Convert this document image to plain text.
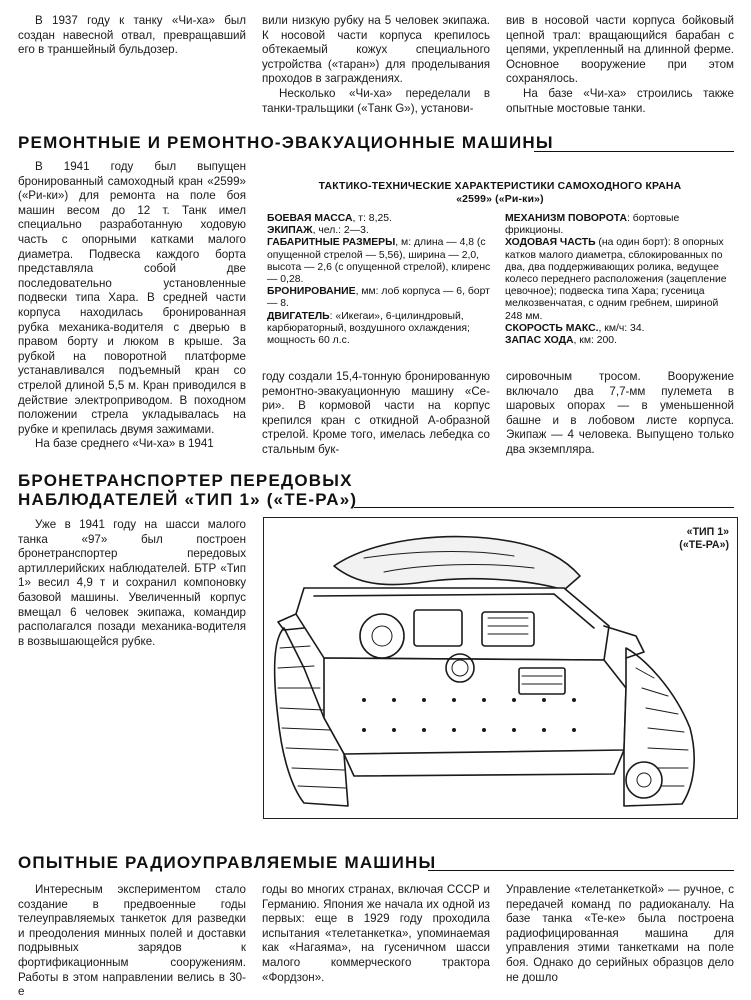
В 1937 году к танку «Чи-ха» был создан навесной отвал, превращавший его в траншейный бульдозер.

вили низкую рубку на 5 человек экипажа. К носовой части корпуса крепилось обтекаемый кожух специального устройства («таран») для проделывания проходов в заграждениях.

Несколько «Чи-ха» переделали в танки-тральщики («Танк G»), установи-

вив в носовой части корпуса бойковый цепной трал: вращающийся барабан с цепями, укрепленный на длинной ферме. Основное вооружение при этом сохранялось.

На базе «Чи-ха» строились также опытные мостовые танки.

РЕМОНТНЫЕ И РЕМОНТНО-ЭВАКУАЦИОННЫЕ МАШИНЫ

В 1941 году был выпущен бронированный самоходный кран «2599» («Ри-ки») для ремонта на поле боя машин весом до 12 т. Танк имел специально разработанную ходовую часть с опорными катками малого диаметра. Подвеска каждого борта представляла собой две последовательно установленные подвески типа Хара. В средней части корпуса находилась бронированная рубка механика-водителя с дверью в правом борту и люком в крыше. За рубкой на поворотной платформе устанавливался подъемный кран со стрелой длиной 5,5 м. Кран приводился в действие электроприводом. В походном положении стрела укладывалась на рубке и крепилась двумя зажимами.

На базе среднего «Чи-ха» в 1941

ТАКТИКО-ТЕХНИЧЕСКИЕ ХАРАКТЕРИСТИКИ САМОХОДНОГО КРАНА
«2599» («Ри-ки»)

БОЕВАЯ МАССА, т: 8,25.

ЭКИПАЖ, чел.: 2—3.

ГАБАРИТНЫЕ РАЗМЕРЫ, м: длина — 4,8 (с опущенной стрелой — 5,56), ширина — 2,0, высота — 2,6 (с опущенной стрелой), клиренс — 0,28.

БРОНИРОВАНИЕ, мм: лоб корпуса — 6, борт — 8.

ДВИГАТЕЛЬ: «Икегаи», 6-цилиндровый, карбюраторный, воздушного охлаждения; мощность 60 л.с.

МЕХАНИЗМ ПОВОРОТА: бортовые фрикционы.

ХОДОВАЯ ЧАСТЬ (на один борт): 8 опорных катков малого диаметра, сблокированных по два, два поддерживающих ролика, ведущее колесо переднего расположения (зацепление цевочное); подвеска типа Хара; гусеница мелкозвенчатая, с одним гребнем, шириной 248 мм.

СКОРОСТЬ МАКС., км/ч: 34.

ЗАПАС ХОДА, км: 200.

году создали 15,4-тонную бронированную ремонтно-эвакуационную машину «Се-ри». В кормовой части на корпус крепился кран с откидной А-образной стрелой. Кроме того, имелась лебедка со стальным бук-

сировочным тросом. Вооружение включало два 7,7-мм пулемета в шаровых опорах — в уменьшенной башне и в лобовом листе корпуса. Экипаж — 4 человека. Выпущено только два экземпляра.

БРОНЕТРАНСПОРТЕР ПЕРЕДОВЫХ
НАБЛЮДАТЕЛЕЙ «ТИП 1» («ТЕ-РА»)

Уже в 1941 году на шасси малого танка «97» был построен бронетранспортер передовых артиллерийских наблюдателей. БТР «Тип 1» весил 4,9 т и сохранил компоновку базовой машины. Увеличенный корпус вмещал 6 человек экипажа, командир располагался позади механика-водителя в возвышающейся рубке.

«ТИП 1»
(«ТЕ-РА»)
ОПЫТНЫЕ РАДИОУПРАВЛЯЕМЫЕ МАШИНЫ

Интересным экспериментом стало создание в предвоенные годы телеуправляемых танкеток для разведки и преодоления минных полей и доставки подрывных зарядов к фортификационным сооружениям. Работы в этом направлении велись в 30-е

годы во многих странах, включая СССР и Германию. Япония же начала их одной из первых: еще в 1929 году проходила испытания «телетанкетка», упоминаемая как «Нагаяма», на гусеничном шасси малого коммерческого трактора «Фордзон».

Управление «телетанкеткой» — ручное, с передачей команд по радиоканалу. На базе танка «Те-ке» была построена радиофицированная машина для управления этими танкетками на поле боя. Однако до серийных образцов дело не дошло
